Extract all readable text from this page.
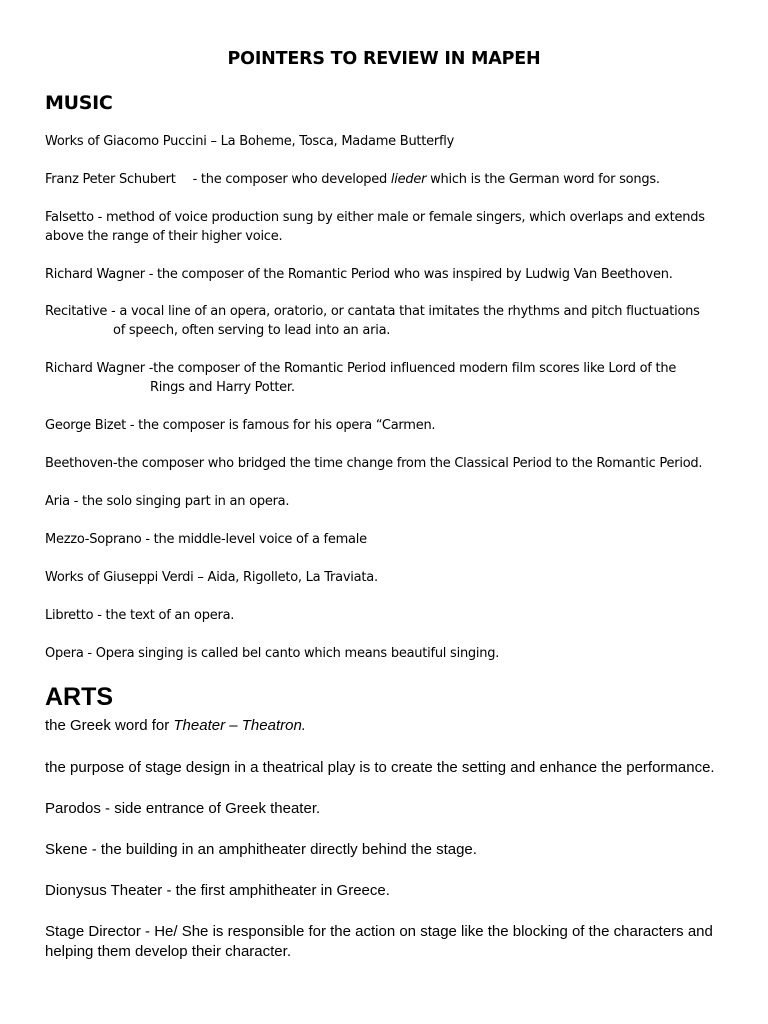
POINTERS TO REVIEW IN MAPEH
MUSIC
Works of Giacomo Puccini – La Boheme, Tosca, Madame Butterfly
Franz Peter Schubert - the composer who developed lieder which is the German word for songs.
Falsetto - method of voice production sung by either male or female singers, which overlaps and extends
above the range of their higher voice.
Richard Wagner - the composer of the Romantic Period who was inspired by Ludwig Van Beethoven.
Recitative - a vocal line of an opera, oratorio, or cantata that imitates the rhythms and pitch fluctuations
of speech, often serving to lead into an aria.
Richard Wagner -the composer of the Romantic Period influenced modern film scores like Lord of the
Rings and Harry Potter.
George Bizet - the composer is famous for his opera “Carmen.
Beethoven-the composer who bridged the time change from the Classical Period to the Romantic Period.
Aria - the solo singing part in an opera.
Mezzo-Soprano - the middle-level voice of a female
Works of Giuseppi Verdi – Aida, Rigolleto, La Traviata.
Libretto - the text of an opera.
Opera - Opera singing is called bel canto which means beautiful singing.
ARTS
the Greek word for Theater – Theatron.
the purpose of stage design in a theatrical play is to create the setting and enhance the performance.
Parodos - side entrance of Greek theater.
Skene - the building in an amphitheater directly behind the stage.
Dionysus Theater - the first amphitheater in Greece.
Stage Director - He/ She is responsible for the action on stage like the blocking of the characters and helping them develop their character.
